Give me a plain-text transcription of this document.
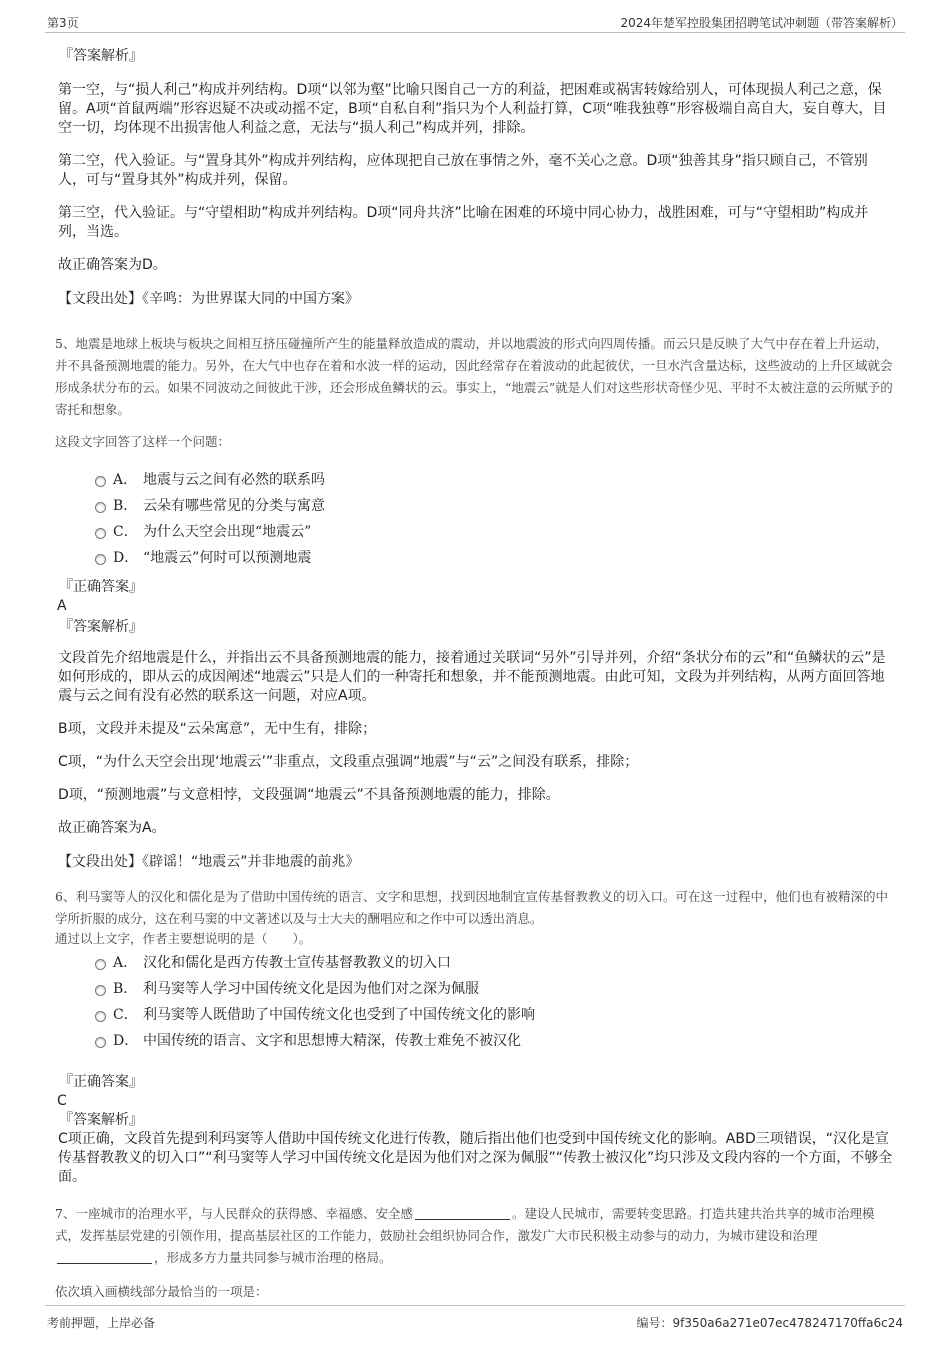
第3页	2024年楚军控股集团招聘笔试冲刺题（带答案解析）
『答案解析』

第一空，与“损人利己”构成并列结构。D项“以邻为壑”比喻只图自己一方的利益，把困难或祸害转嫁给别人，可体现损人利己之意，保留。A项“首鼠两端”形容迟疑不决或动摇不定，B项“自私自利”指只为个人利益打算，C项“唯我独尊”形容极端自高自大，妄自尊大，目空一切，均体现不出损害他人利益之意，无法与“损人利己”构成并列，排除。

第二空，代入验证。与“置身其外”构成并列结构，应体现把自己放在事情之外，毫不关心之意。D项“独善其身”指只顾自己，不管别人，可与“置身其外”构成并列，保留。

第三空，代入验证。与“守望相助”构成并列结构。D项“同舟共济”比喻在困难的环境中同心协力，战胜困难，可与“守望相助”构成并列，当选。

故正确答案为D。

【文段出处】《辛鸣：为世界谋大同的中国方案》

5、地震是地球上板块与板块之间相互挤压碰撞所产生的能量释放造成的震动，并以地震波的形式向四周传播。而云只是反映了大气中存在着上升运动，并不具备预测地震的能力。另外，在大气中也存在着和水波一样的运动，因此经常存在着波动的此起彼伏，一旦水汽含量达标，这些波动的上升区域就会形成条状分布的云。如果不同波动之间彼此干涉，还会形成鱼鳞状的云。事实上，“地震云”就是人们对这些形状奇怪少见、平时不太被注意的云所赋予的寄托和想象。

这段文字回答了这样一个问题：

A． 地震与云之间有必然的联系吗
B． 云朵有哪些常见的分类与寓意
C． 为什么天空会出现“地震云”
D． “地震云”何时可以预测地震
『正确答案』
A
『答案解析』

文段首先介绍地震是什么，并指出云不具备预测地震的能力，接着通过关联词“另外”引导并列，介绍“条状分布的云”和“鱼鳞状的云”是如何形成的，即从云的成因阐述“地震云”只是人们的一种寄托和想象，并不能预测地震。由此可知，文段为并列结构，从两方面回答地震与云之间有没有必然的联系这一问题，对应A项。

B项，文段并未提及“云朵寓意”，无中生有，排除；

C项，“为什么天空会出现‘地震云’”非重点，文段重点强调“地震”与“云”之间没有联系，排除；

D项，“预测地震”与文意相悖，文段强调“地震云”不具备预测地震的能力，排除。

故正确答案为A。

【文段出处】《辟谣！“地震云”并非地震的前兆》

6、利马窦等人的汉化和儒化是为了借助中国传统的语言、文字和思想，找到因地制宜宣传基督教教义的切入口。可在这一过程中，他们也有被精深的中学所折服的成分，这在利马窦的中文著述以及与士大夫的酬唱应和之作中可以透出消息。

通过以上文字，作者主要想说明的是（　　）。

A． 汉化和儒化是西方传教士宣传基督教教义的切入口
B． 利马窦等人学习中国传统文化是因为他们对之深为佩服
C． 利马窦等人既借助了中国传统文化也受到了中国传统文化的影响
D． 中国传统的语言、文字和思想博大精深，传教士难免不被汉化
『正确答案』
C
『答案解析』

C项正确，文段首先提到利玛窦等人借助中国传统文化进行传教，随后指出他们也受到中国传统文化的影响。ABD三项错误，“汉化是宣传基督教教义的切入口”“利马窦等人学习中国传统文化是因为他们对之深为佩服”“传教士被汉化”均只涉及文段内容的一个方面，不够全面。

7、一座城市的治理水平，与人民群众的获得感、幸福感、安全感	。建设人民城市，需要转变思路。打造共建共治共享的城市治理模式，发挥基层党建的引领作用，提高基层社区的工作能力，鼓励社会组织协同合作，激发广大市民积极主动参与的动力，为城市建设和治理，形成多方力量共同参与城市治理的格局。

依次填入画横线部分最恰当的一项是：

考前押题，上岸必备	编号：9f350a6a271e07ec478247170ffa6c24
